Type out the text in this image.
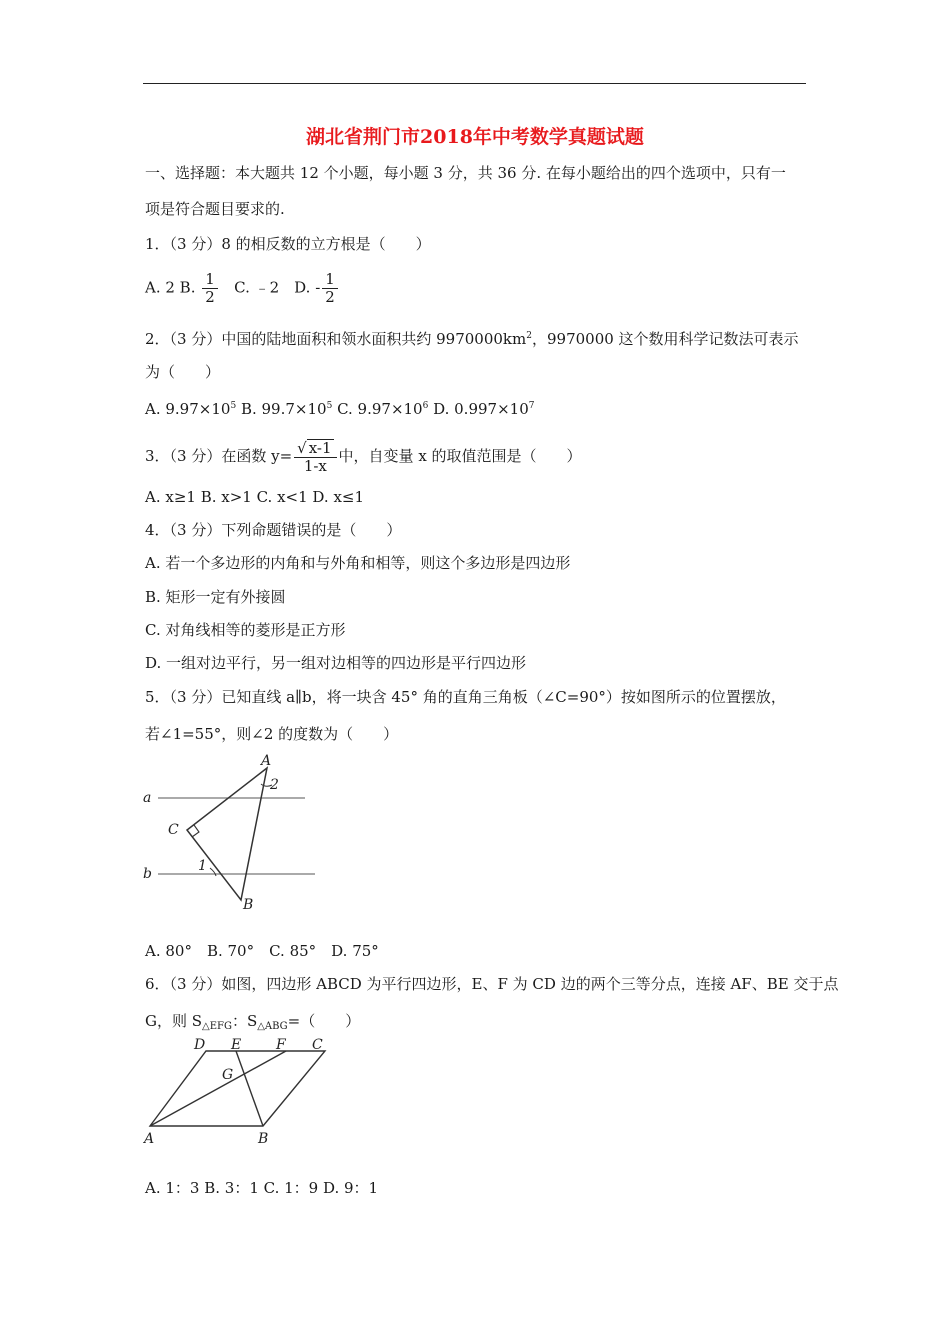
湖北省荆门市2018年中考数学真题试题
一、选择题：本大题共 12 个小题，每小题 3 分，共 36 分. 在每小题给出的四个选项中，只有一
项是符合题目要求的.
1．（3 分）8 的相反数的立方根是（　　）
A. 2 B. $\frac{1}{2} C$. ﹣2　D. - $\frac{1}{2}$
2．（3 分）中国的陆地面积和领水面积共约 $9970000km^2$，9970000 这个数用科学记数法可表示
为（　　）
A. $9.97\times 10^5$ B. $99.7\times 10^5$ C. $9.97\times 10^6$ D. $0.997\times 10^7$
3．（3 分）在函数 $y= \frac{√ x-1}{1-x}$ 中，自变量 x 的取值范围是（　　）
A. x≥1 B. x>1 C. x<1 D. x≤1
4．（3 分）下列命题错误的是（　　）
A. 若一个多边形的内角和与外角和相等，则这个多边形是四边形
B. 矩形一定有外接圆
C. 对角线相等的菱形是正方形
D. 一组对边平行，另一组对边相等的四边形是平行四边形
5．（3 分）已知直线 a∥b，将一块含 45° 角的直角三角板（∠C=90°）按如图所示的位置摆放，
若∠1=55°，则∠2 的度数为（　　）
a
b
A
B
C
1
2
A. 80°　B. 70°　C. 85°　D. 75°
6．（3 分）如图，四边形 ABCD 为平行四边形，E、F 为 CD 边的两个三等分点，连接 AF、BE 交于点
G，则 $S_{\triangle EFG}$：$S_{\triangle ABG}=$（　　）
D E F C
G
A	B
A. 1：3 B. 3：1 C. 1：9 D. 9：1
